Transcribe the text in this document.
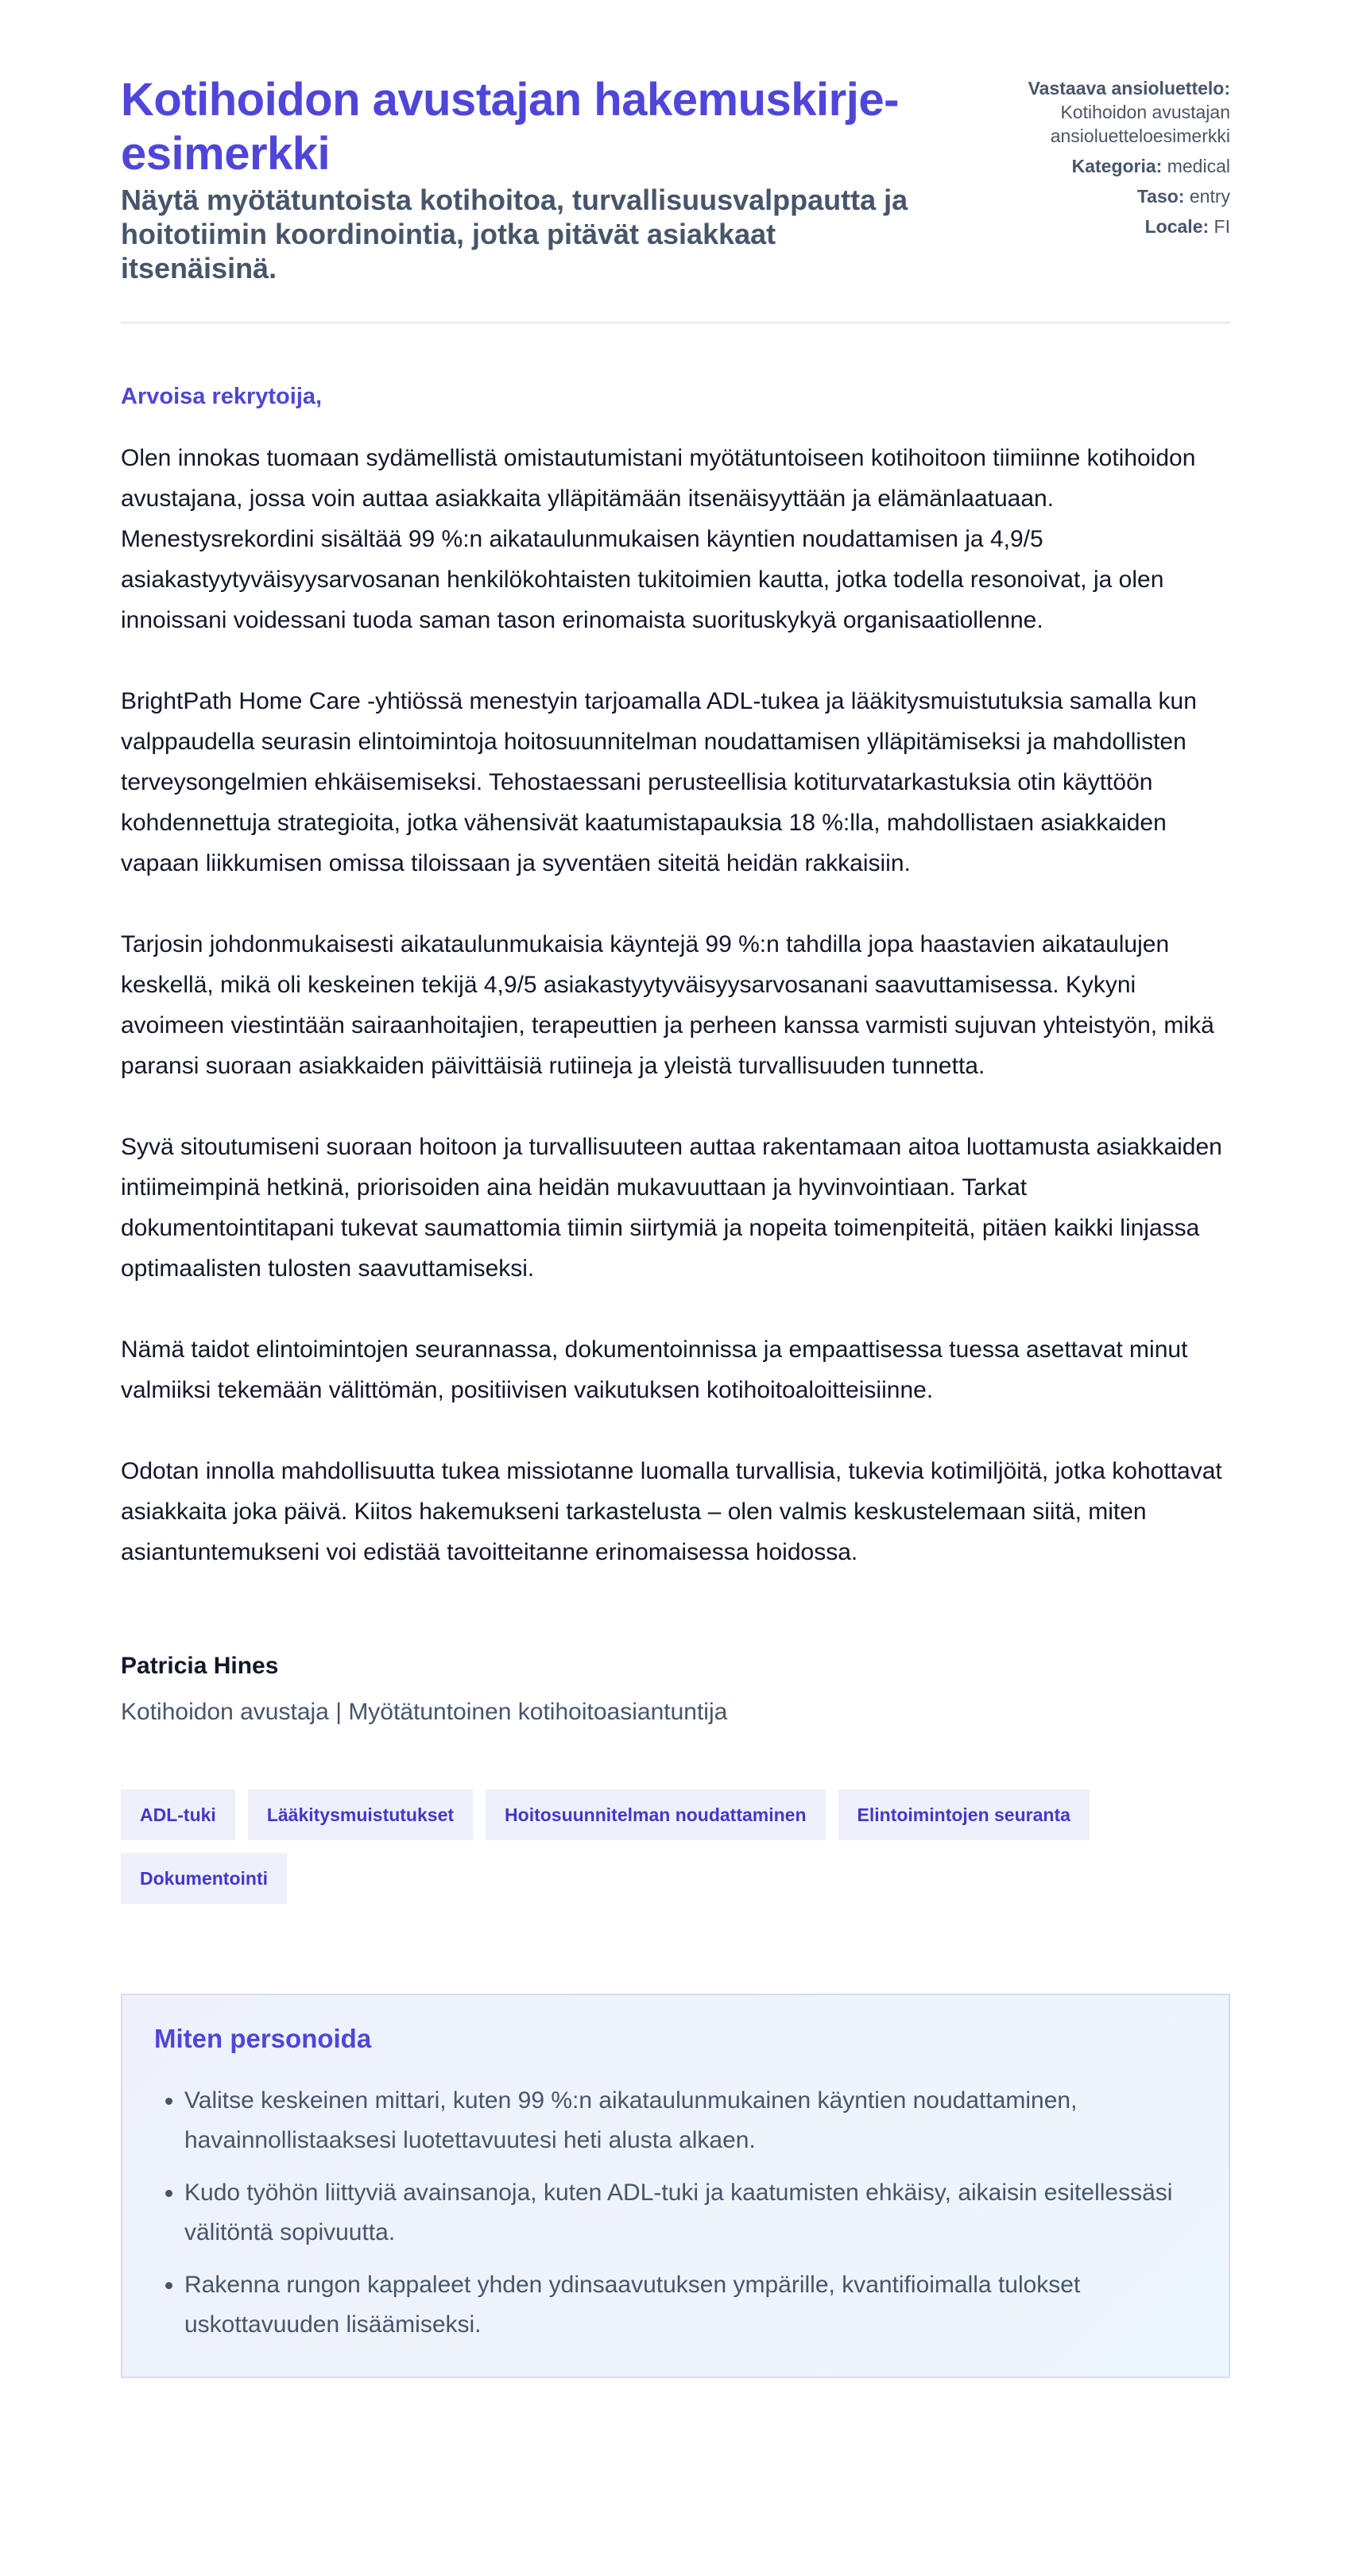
Kotihoidon avustajan hakemuskirje-esimerkki
Näytä myötätuntoista kotihoitoa, turvallisuusvalppautta ja hoitotiimin koordinointia, jotka pitävät asiakkaat itsenäisinä.
Vastaava ansioluettelo:
Kotihoidon avustajan ansioluetteloesimerkki
Kategoria: medical
Taso: entry
Locale: FI
Arvoisa rekrytoija,

Olen innokas tuomaan sydämellistä omistautumistani myötätuntoiseen kotihoitoon tiimiinne kotihoidon avustajana, jossa voin auttaa asiakkaita ylläpitämään itsenäisyyttään ja elämänlaatuaan. Menestysrekordini sisältää 99 %:n aikataulunmukaisen käyntien noudattamisen ja 4,9/5 asiakastyytyväisyysarvosanan henkilökohtaisten tukitoimien kautta, jotka todella resonoivat, ja olen innoissani voidessani tuoda saman tason erinomaista suorituskykyä organisaatiollenne.

BrightPath Home Care -yhtiössä menestyin tarjoamalla ADL-tukea ja lääkitysmuistutuksia samalla kun valppaudella seurasin elintoimintoja hoitosuunnitelman noudattamisen ylläpitämiseksi ja mahdollisten terveysongelmien ehkäisemiseksi. Tehostaessani perusteellisia kotiturvatarkastuksia otin käyttöön kohdennettuja strategioita, jotka vähensivät kaatumistapauksia 18 %:lla, mahdollistaen asiakkaiden vapaan liikkumisen omissa tiloissaan ja syventäen siteitä heidän rakkaisiin.

Tarjosin johdonmukaisesti aikataulunmukaisia käyntejä 99 %:n tahdilla jopa haastavien aikataulujen keskellä, mikä oli keskeinen tekijä 4,9/5 asiakastyytyväisyysarvosanani saavuttamisessa. Kykyni avoimeen viestintään sairaanhoitajien, terapeuttien ja perheen kanssa varmisti sujuvan yhteistyön, mikä paransi suoraan asiakkaiden päivittäisiä rutiineja ja yleistä turvallisuuden tunnetta.

Syvä sitoutumiseni suoraan hoitoon ja turvallisuuteen auttaa rakentamaan aitoa luottamusta asiakkaiden intiimeimpinä hetkinä, priorisoiden aina heidän mukavuuttaan ja hyvinvointiaan. Tarkat dokumentointitapani tukevat saumattomia tiimin siirtymiä ja nopeita toimenpiteitä, pitäen kaikki linjassa optimaalisten tulosten saavuttamiseksi.

Nämä taidot elintoimintojen seurannassa, dokumentoinnissa ja empaattisessa tuessa asettavat minut valmiiksi tekemään välittömän, positiivisen vaikutuksen kotihoitoaloitteisiinne.

Odotan innolla mahdollisuutta tukea missiotanne luomalla turvallisia, tukevia kotimiljöitä, jotka kohottavat asiakkaita joka päivä. Kiitos hakemukseni tarkastelusta – olen valmis keskustelemaan siitä, miten asiantuntemukseni voi edistää tavoitteitanne erinomaisessa hoidossa.

Patricia Hines
Kotihoidon avustaja | Myötätuntoinen kotihoitoasiantuntija
ADL-tuki	Lääkitysmuistutukset	Hoitosuunnitelman noudattaminen	Elintoimintojen seuranta
Dokumentointi
Miten personoida
• Valitse keskeinen mittari, kuten 99 %:n aikataulunmukainen käyntien noudattaminen, havainnollistaaksesi luotettavuutesi heti alusta alkaen.
• Kudo työhön liittyviä avainsanoja, kuten ADL-tuki ja kaatumisten ehkäisy, aikaisin esitellessäsi välitöntä sopivuutta.
• Rakenna rungon kappaleet yhden ydinsaavutuksen ympärille, kvantifioimalla tulokset uskottavuuden lisäämiseksi.
